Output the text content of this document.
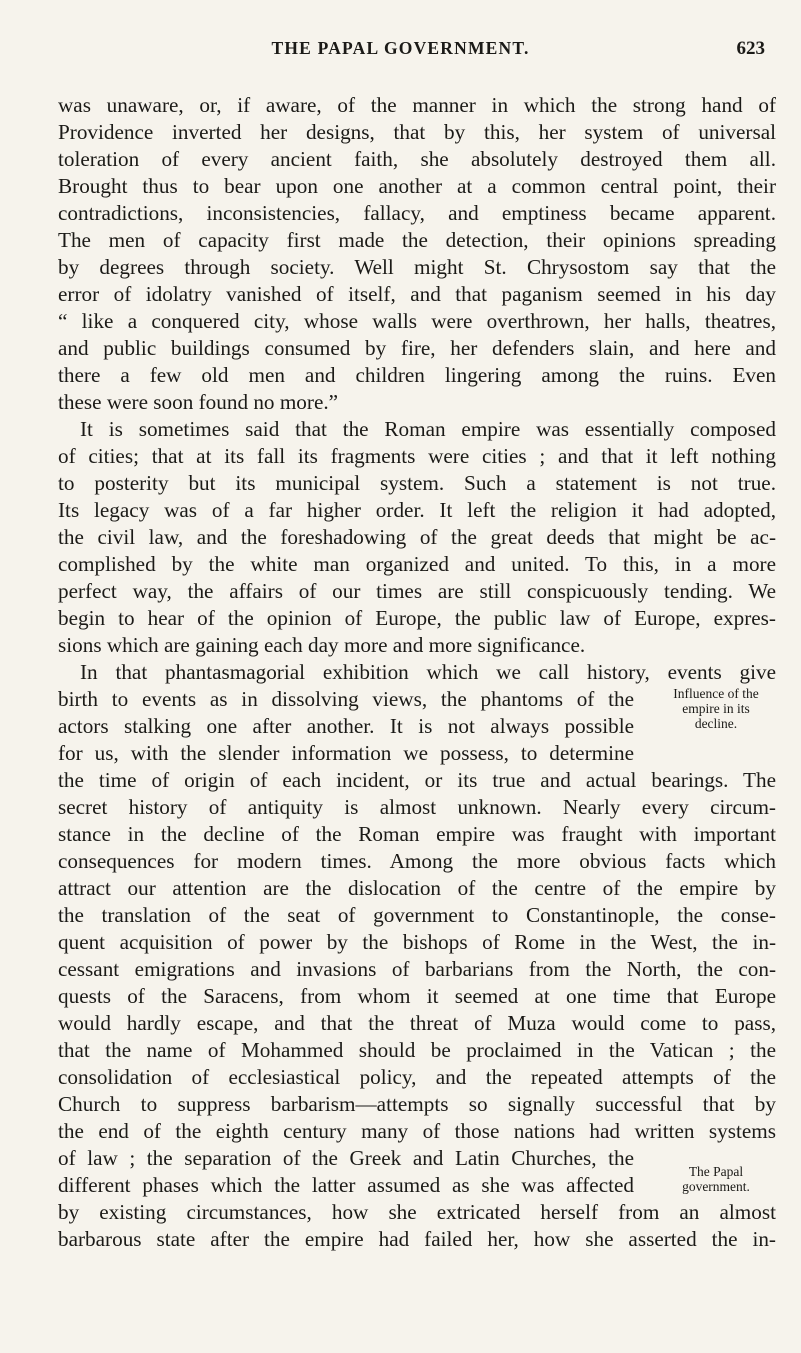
THE PAPAL GOVERNMENT.	623
was unaware, or, if aware, of the manner in which the strong hand of
Providence inverted her designs, that by this, her system of universal
toleration of every ancient faith, she absolutely destroyed them all.
Brought thus to bear upon one another at a common central point, their
contradictions, inconsistencies, fallacy, and emptiness became apparent.
The men of capacity first made the detection, their opinions spreading
by degrees through society. Well might St. Chrysostom say that the
error of idolatry vanished of itself, and that paganism seemed in his day
“ like a conquered city, whose walls were overthrown, her halls, theatres,
and public buildings consumed by fire, her defenders slain, and here and
there a few old men and children lingering among the ruins. Even
these were soon found no more.”
It is sometimes said that the Roman empire was essentially composed
of cities; that at its fall its fragments were cities ; and that it left nothing
to posterity but its municipal system. Such a statement is not true.
Its legacy was of a far higher order. It left the religion it had adopted,
the civil law, and the foreshadowing of the great deeds that might be ac-
complished by the white man organized and united. To this, in a more
perfect way, the affairs of our times are still conspicuously tending. We
begin to hear of the opinion of Europe, the public law of Europe, expres-
sions which are gaining each day more and more significance.
In that phantasmagorial exhibition which we call history, events give
birth to events as in dissolving views, the phantoms of the
actors stalking one after another. It is not always possible
for us, with the slender information we possess, to determine
the time of origin of each incident, or its true and actual bearings. The
secret history of antiquity is almost unknown. Nearly every circum-
stance in the decline of the Roman empire was fraught with important
consequences for modern times. Among the more obvious facts which
attract our attention are the dislocation of the centre of the empire by
the translation of the seat of government to Constantinople, the conse-
quent acquisition of power by the bishops of Rome in the West, the in-
cessant emigrations and invasions of barbarians from the North, the con-
quests of the Saracens, from whom it seemed at one time that Europe
would hardly escape, and that the threat of Muza would come to pass,
that the name of Mohammed should be proclaimed in the Vatican ; the
consolidation of ecclesiastical policy, and the repeated attempts of the
Church to suppress barbarism—attempts so signally successful that by
the end of the eighth century many of those nations had written systems
of law ; the separation of the Greek and Latin Churches, the
different phases which the latter assumed as she was affected
by existing circumstances, how she extricated herself from an almost
barbarous state after the empire had failed her, how she asserted the in-
Influence of the
empire in its
decline.
The Papal
government.
